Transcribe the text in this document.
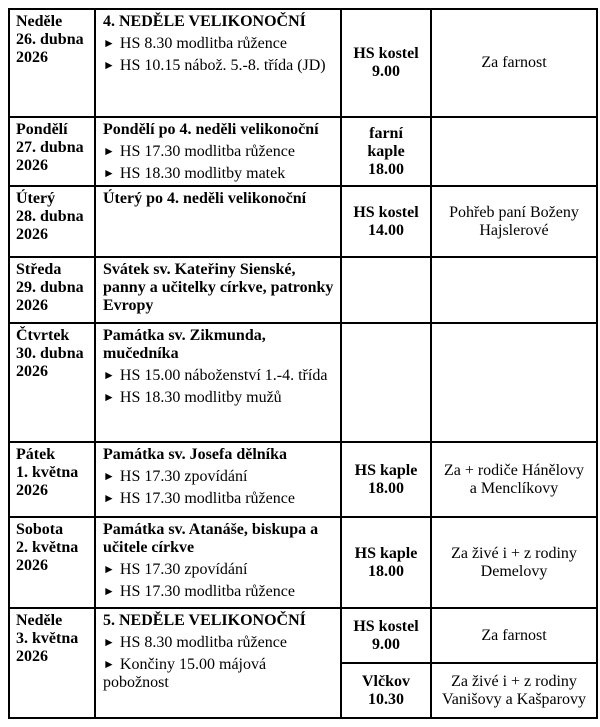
Neděle
26. dubna
2026
4. NEDĚLE VELIKONOČNÍ
► HS 8.30 modlitba růžence
► HS 10.15 nábož. 5.-8. třída (JD)
HS kostel
9.00
Za farnost
Pondělí
27. dubna
2026
Pondělí po 4. neděli velikonoční
► HS 17.30 modlitba růžence
► HS 18.30 modlitby matek
farní
kaple
18.00
Úterý
28. dubna
2026
Úterý po 4. neděli velikonoční
HS kostel
14.00
Pohřeb paní Boženy Hajslerové
Středa
29. dubna
2026
Svátek sv. Kateřiny Sienské, panny a učitelky církve, patronky Evropy
Čtvrtek
30. dubna
2026
Památka sv. Zikmunda, mučedníka
► HS 15.00 náboženství 1.-4. třída
► HS 18.30 modlitby mužů
Pátek
1. května
2026
Památka sv. Josefa dělníka
► HS 17.30 zpovídání
► HS 17.30 modlitba růžence
HS kaple
18.00
Za + rodiče Hánělovy a Menclíkovy
Sobota
2. května
2026
Památka sv. Atanáše, biskupa a učitele církve
► HS 17.30 zpovídání
► HS 17.30 modlitba růžence
HS kaple
18.00
Za živé i + z rodiny Demelovy
Neděle
3. května
2026
5. NEDĚLE VELIKONOČNÍ
► HS 8.30 modlitba růžence
► Končiny 15.00 májová pobožnost
HS kostel
9.00
Za farnost
Vlčkov
10.30
Za živé i + z rodiny Vanišovy a Kašparovy
